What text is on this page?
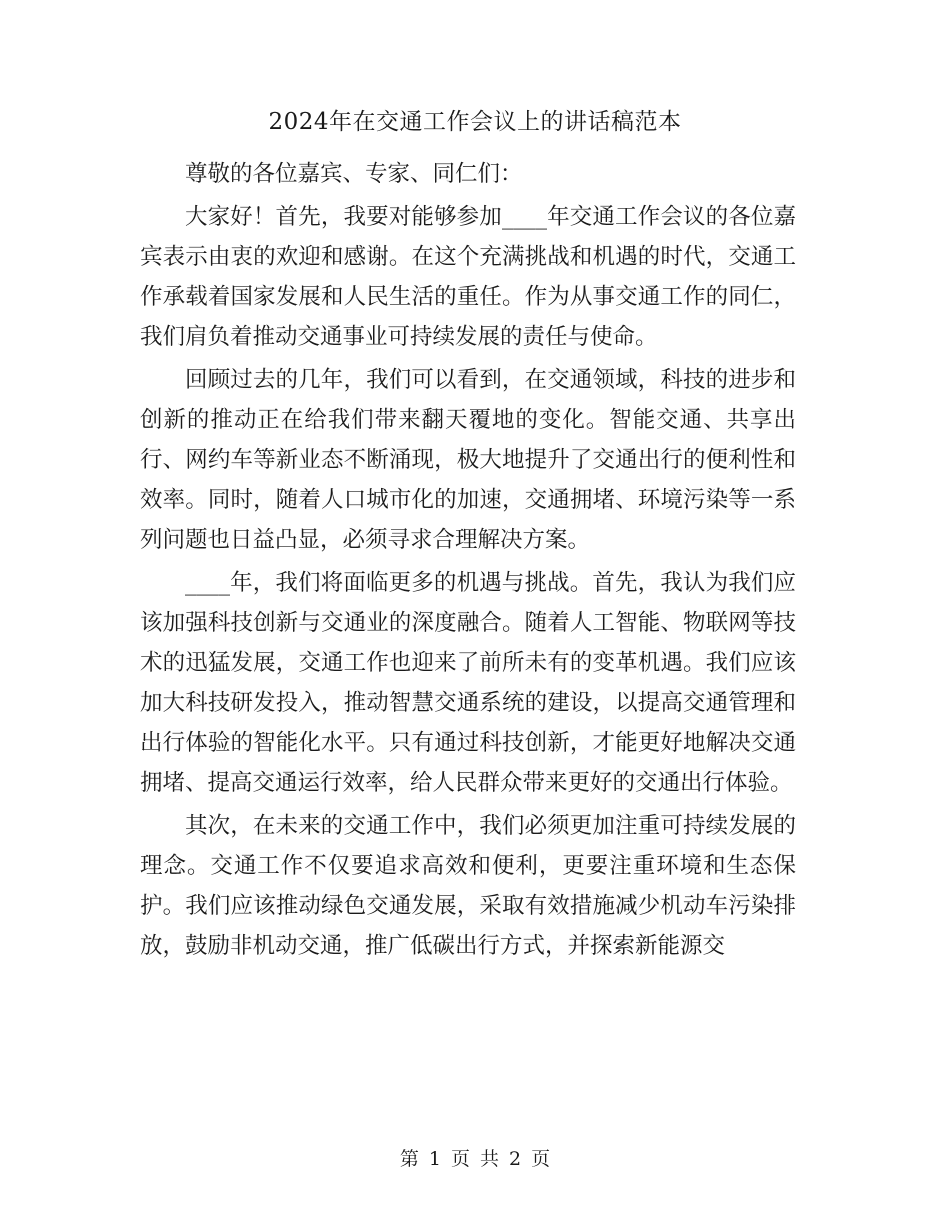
2024年在交通工作会议上的讲话稿范本

尊敬的各位嘉宾、专家、同仁们：

大家好！首先，我要对能够参加____年交通工作会议的各位嘉宾表示由衷的欢迎和感谢。在这个充满挑战和机遇的时代，交通工作承载着国家发展和人民生活的重任。作为从事交通工作的同仁，我们肩负着推动交通事业可持续发展的责任与使命。

回顾过去的几年，我们可以看到，在交通领域，科技的进步和创新的推动正在给我们带来翻天覆地的变化。智能交通、共享出行、网约车等新业态不断涌现，极大地提升了交通出行的便利性和效率。同时，随着人口城市化的加速，交通拥堵、环境污染等一系列问题也日益凸显，必须寻求合理解决方案。

____年，我们将面临更多的机遇与挑战。首先，我认为我们应该加强科技创新与交通业的深度融合。随着人工智能、物联网等技术的迅猛发展，交通工作也迎来了前所未有的变革机遇。我们应该加大科技研发投入，推动智慧交通系统的建设，以提高交通管理和出行体验的智能化水平。只有通过科技创新，才能更好地解决交通拥堵、提高交通运行效率，给人民群众带来更好的交通出行体验。

其次，在未来的交通工作中，我们必须更加注重可持续发展的理念。交通工作不仅要追求高效和便利，更要注重环境和生态保护。我们应该推动绿色交通发展，采取有效措施减少机动车污染排放，鼓励非机动交通，推广低碳出行方式，并探索新能源交

第 1 页 共 2 页
